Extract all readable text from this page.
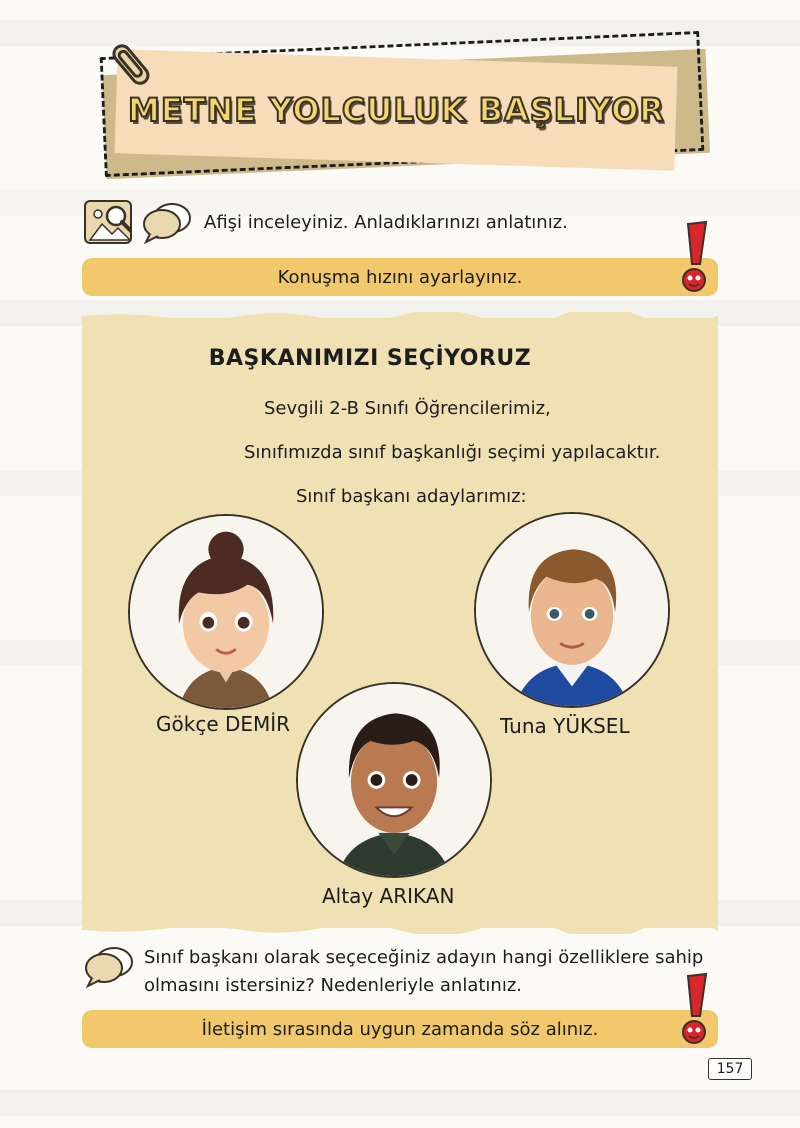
METNE YOLCULUK BAŞLIYOR
Afişi inceleyiniz. Anladıklarınızı anlatınız.
Konuşma hızını ayarlayınız.
BAŞKANIMIZI SEÇİYORUZ
Sevgili 2-B Sınıfı Öğrencilerimiz,
Sınıfımızda sınıf başkanlığı seçimi yapılacaktır.
Sınıf başkanı adaylarımız:
Gökçe DEMİR	Tuna YÜKSEL
Altay ARIKAN
Sınıf başkanı olarak seçeceğiniz adayın hangi özelliklere sahip olmasını istersiniz? Nedenleriyle anlatınız.
İletişim sırasında uygun zamanda söz alınız.
157
